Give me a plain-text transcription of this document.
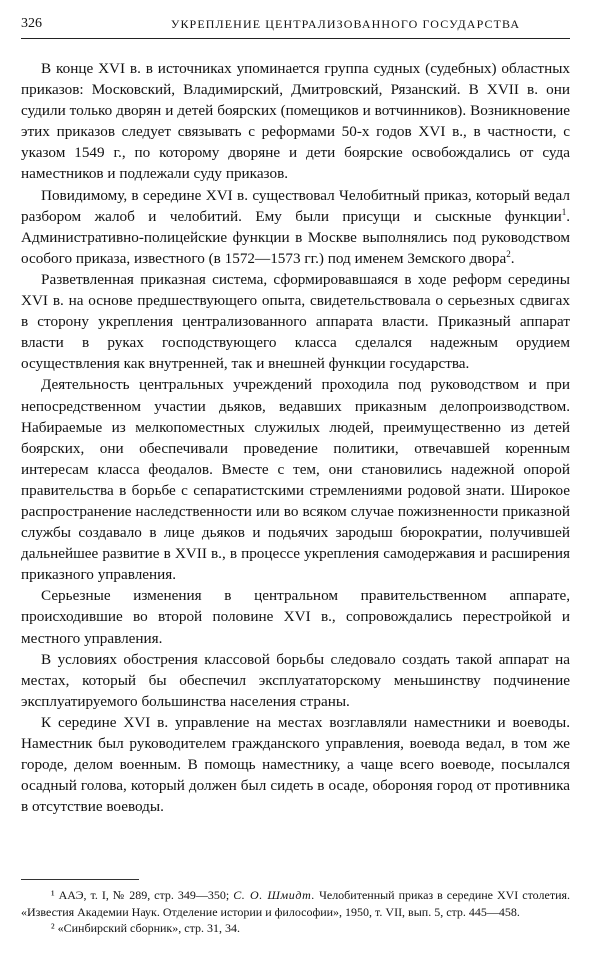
326	УКРЕПЛЕНИЕ ЦЕНТРАЛИЗОВАННОГО ГОСУДАРСТВА

В конце XVI в. в источниках упоминается группа судных (судебных) областных приказов: Московский, Владимирский, Дмитровский, Рязанский. В XVII в. они судили только дворян и детей боярских (помещиков и вотчинников). Возникновение этих приказов следует связывать с реформами 50-х годов XVI в., в частности, с указом 1549 г., по которому дворяне и дети боярские освобождались от суда наместников и подлежали суду приказов.

Повидимому, в середине XVI в. существовал Челобитный приказ, который ведал разбором жалоб и челобитий. Ему были присущи и сыскные функции$^1$. Административно-полицейские функции в Москве выполнялись под руководством особого приказа, известного (в 1572—1573 гг.) под именем Земского двора$^2$.

Разветвленная приказная система, сформировавшаяся в ходе реформ середины XVI в. на основе предшествующего опыта, свидетельствовала о серьезных сдвигах в сторону укрепления централизованного аппарата власти. Приказный аппарат власти в руках господствующего класса сделался надежным орудием осуществления как внутренней, так и внешней функции государства.

Деятельность центральных учреждений проходила под руководством и при непосредственном участии дьяков, ведавших приказным делопроизводством. Набираемые из мелкопоместных служилых людей, преимущественно из детей боярских, они обеспечивали проведение политики, отвечавшей коренным интересам класса феодалов. Вместе с тем, они становились надежной опорой правительства в борьбе с сепаратистскими стремлениями родовой знати. Широкое распространение наследственности или во всяком случае пожизненности приказной службы создавало в лице дьяков и подьячих зародыш бюрократии, получившей дальнейшее развитие в XVII в., в процессе укрепления самодержавия и расширения приказного управления.

Серьезные изменения в центральном правительственном аппарате, происходившие во второй половине XVI в., сопровождались перестройкой и местного управления.

В условиях обострения классовой борьбы следовало создать такой аппарат на местах, который бы обеспечил эксплуататорскому меньшинству подчинение эксплуатируемого большинства населения страны.

К середине XVI в. управление на местах возглавляли наместники и воеводы. Наместник был руководителем гражданского управления, воевода ведал, в том же городе, делом военным. В помощь наместнику, а чаще всего воеводе, посылался осадный голова, который должен был сидеть в осаде, обороняя город от противника в отсутствие воеводы.

¹ ААЭ, т. I, № 289, стр. 349—350; С. О. Шмидт. Челобитенный приказ в середине XVI столетия. «Известия Академии Наук. Отделение истории и философии», 1950, т. VII, вып. 5, стр. 445—458.

² «Синбирский сборник», стр. 31, 34.
